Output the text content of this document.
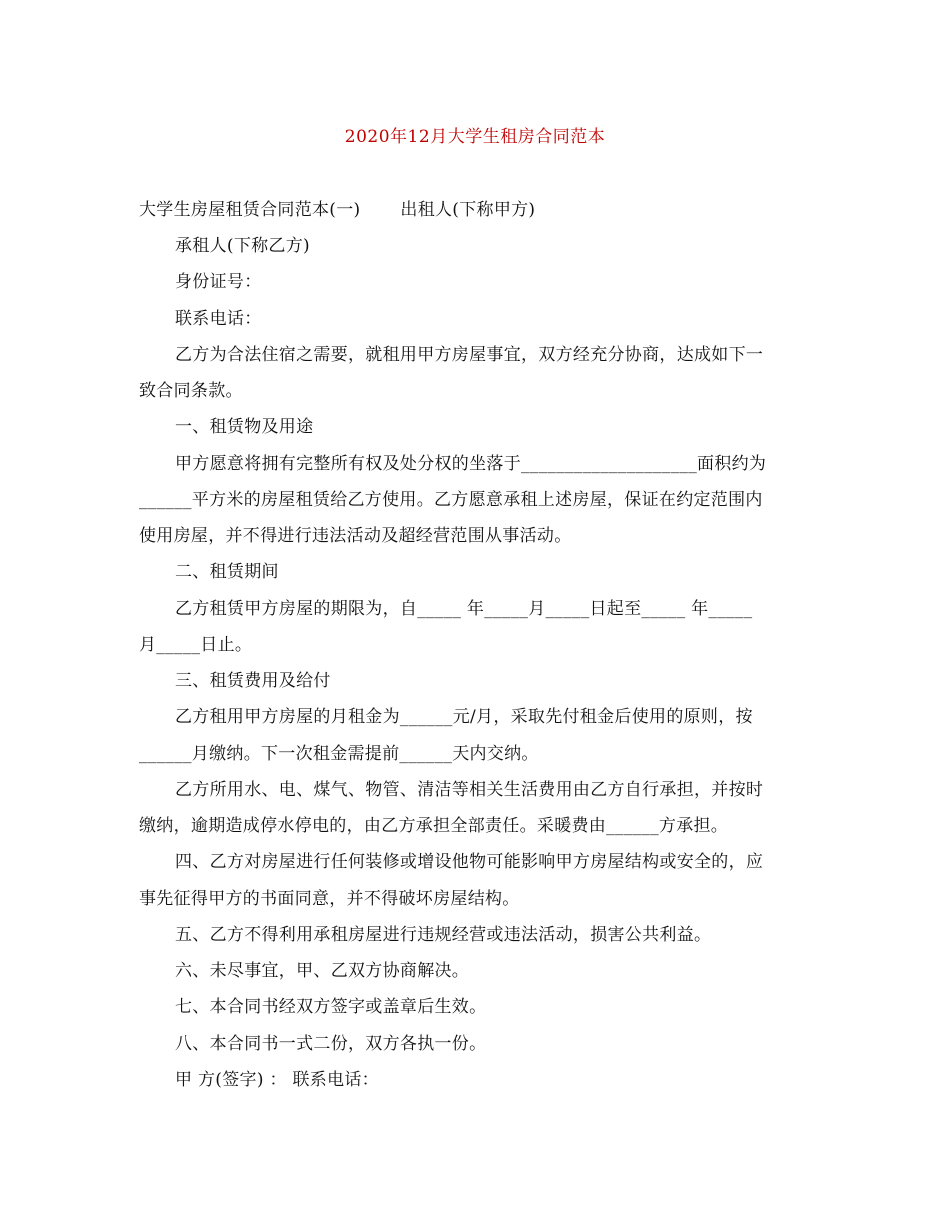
2020年12月大学生租房合同范本
大学生房屋租赁合同范本(一)       出租人(下称甲方)
承租人(下称乙方)
身份证号：
联系电话：
乙方为合法住宿之需要，就租用甲方房屋事宜，双方经充分协商，达成如下一
致合同条款。
一、租赁物及用途
甲方愿意将拥有完整所有权及处分权的坐落于____________________面积约为
______平方米的房屋租赁给乙方使用。乙方愿意承租上述房屋，保证在约定范围内
使用房屋，并不得进行违法活动及超经营范围从事活动。
二、租赁期间
乙方租赁甲方房屋的期限为，自_____ 年_____月_____日起至_____ 年_____
月_____日止。
三、租赁费用及给付
乙方租用甲方房屋的月租金为______元/月，采取先付租金后使用的原则，按
______月缴纳。下一次租金需提前______天内交纳。
乙方所用水、电、煤气、物管、清洁等相关生活费用由乙方自行承担，并按时
缴纳，逾期造成停水停电的，由乙方承担全部责任。采暖费由______方承担。
四、乙方对房屋进行任何装修或增设他物可能影响甲方房屋结构或安全的，应
事先征得甲方的书面同意，并不得破坏房屋结构。
五、乙方不得利用承租房屋进行违规经营或违法活动，损害公共利益。
六、未尽事宜，甲、乙双方协商解决。
七、本合同书经双方签字或盖章后生效。
八、本合同书一式二份，双方各执一份。
甲 方(签字) ： 联系电话：
